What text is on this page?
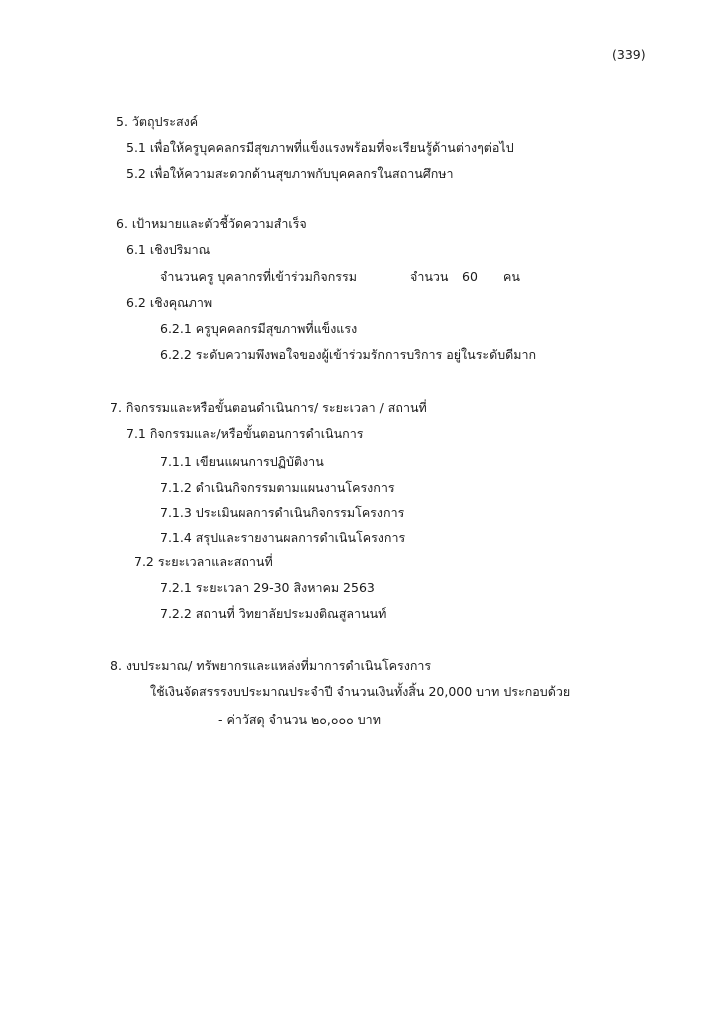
(339)
5. วัตถุประสงค์
5.1 เพื่อให้ครูบุคคลกรมีสุขภาพที่แข็งแรงพร้อมที่จะเรียนรู้ด้านต่างๆต่อไป
5.2 เพื่อให้ความสะดวกด้านสุขภาพกับบุคคลกรในสถานศึกษา
6. เป้าหมายและตัวชี้วัดความสำเร็จ
6.1 เชิงปริมาณ
จำนวนครู บุคลากรที่เข้าร่วมกิจกรรม	จำนวน 60 คน
6.2 เชิงคุณภาพ
6.2.1 ครูบุคคลกรมีสุขภาพที่แข็งแรง
6.2.2 ระดับความพึงพอใจของผู้เข้าร่วมรักการบริการ อยู่ในระดับดีมาก
7. กิจกรรมและหรือขั้นตอนดำเนินการ/ ระยะเวลา / สถานที่
7.1 กิจกรรมและ/หรือขั้นตอนการดำเนินการ
7.1.1 เขียนแผนการปฏิบัติงาน
7.1.2 ดำเนินกิจกรรมตามแผนงานโครงการ
7.1.3 ประเมินผลการดำเนินกิจกรรมโครงการ
7.1.4 สรุปและรายงานผลการดำเนินโครงการ
7.2 ระยะเวลาและสถานที่
7.2.1 ระยะเวลา 29-30 สิงหาคม 2563
7.2.2 สถานที่ วิทยาลัยประมงติณสูลานนท์
8. งบประมาณ/ ทรัพยากรและแหล่งที่มาการดำเนินโครงการ
ใช้เงินจัดสรรรงบประมาณประจำปี จำนวนเงินทั้งสิ้น 20,000 บาท ประกอบด้วย
- ค่าวัสดุ จำนวน ๒๐,๐๐๐ บาท
